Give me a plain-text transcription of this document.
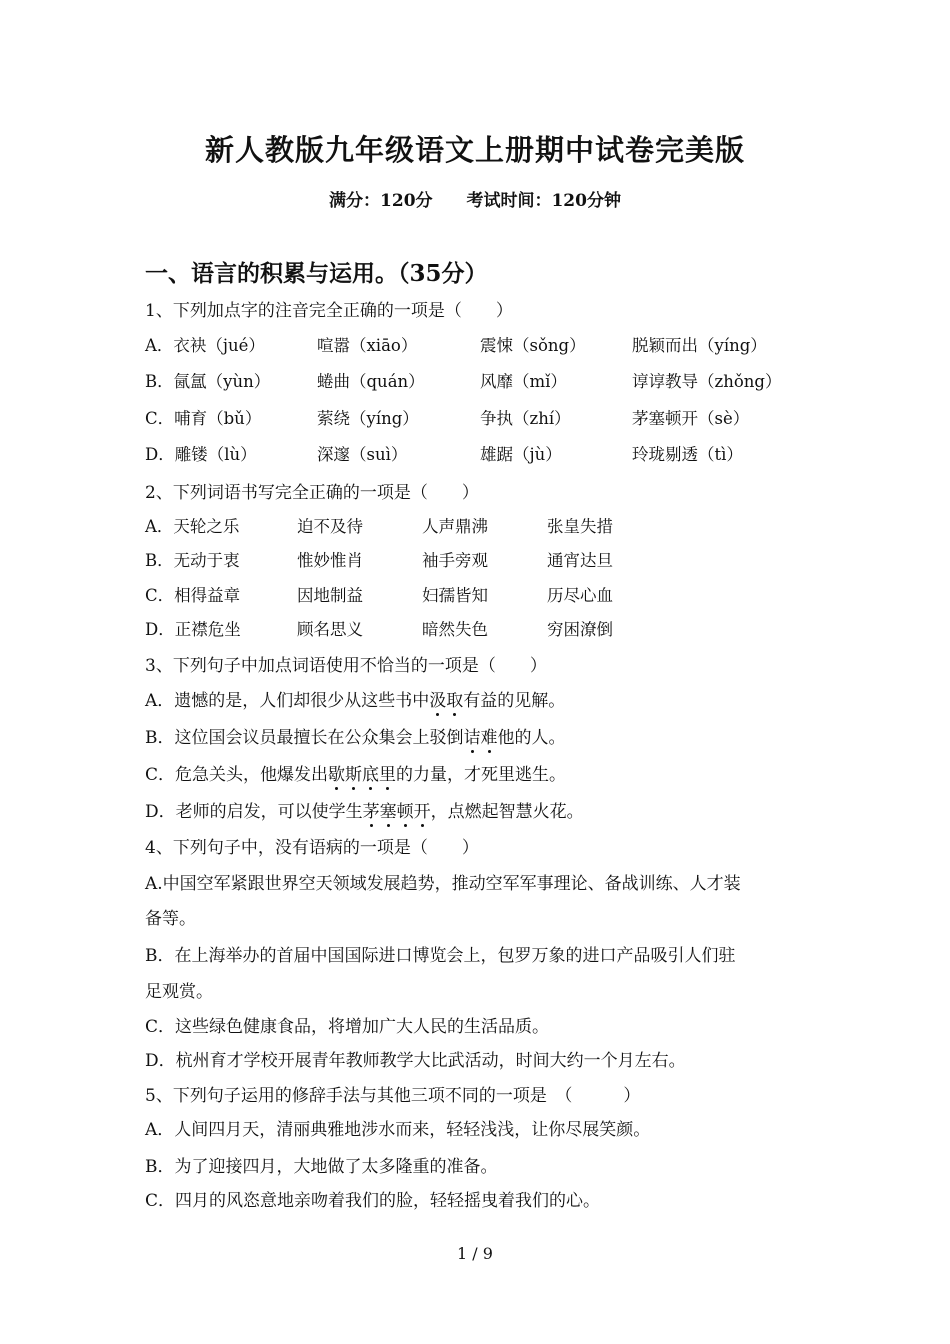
新人教版九年级语文上册期中试卷完美版
满分：120分 考试时间：120分钟
一、语言的积累与运用。（35分）
1、下列加点字的注音完全正确的一项是（　　）
A．衣袂（jué）	喧嚣（xiāo）	震悚（sǒng）	脱颖而出（yíng）
B．氤氲（yùn）	蜷曲（quán）	风靡（mǐ）	谆谆教导（zhǒng）
C．哺育（bǔ）	萦绕（yíng）	争执（zhí）	茅塞顿开（sè）
D．雕镂（lù）	深邃（suì）	雄踞（jù）	玲珑剔透（tì）
2、下列词语书写完全正确的一项是（　　）
A．天轮之乐	迫不及待	人声鼎沸	张皇失措
B．无动于衷	惟妙惟肖	袖手旁观	通宵达旦
C．相得益章	因地制益	妇孺皆知	历尽心血
D．正襟危坐	顾名思义	暗然失色	穷困潦倒
3、下列句子中加点词语使用不恰当的一项是（　　）
A．遗憾的是，人们却很少从这些书中汲取有益的见解。
B．这位国会议员最擅长在公众集会上驳倒诘难他的人。
C．危急关头，他爆发出歇斯底里的力量，才死里逃生。
D．老师的启发，可以使学生茅塞顿开，点燃起智慧火花。
4、下列句子中，没有语病的一项是（　　）
A.中国空军紧跟世界空天领域发展趋势，推动空军军事理论、备战训练、人才装
备等。
B．在上海举办的首届中国国际进口博览会上，包罗万象的进口产品吸引人们驻
足观赏。
C．这些绿色健康食品，将增加广大人民的生活品质。
D．杭州育才学校开展青年教师教学大比武活动，时间大约一个月左右。
5、下列句子运用的修辞手法与其他三项不同的一项是　（　　　）
A．人间四月天，清丽典雅地涉水而来，轻轻浅浅，让你尽展笑颜。
B．为了迎接四月，大地做了太多隆重的准备。
C．四月的风恣意地亲吻着我们的脸，轻轻摇曳着我们的心。
1 / 9
